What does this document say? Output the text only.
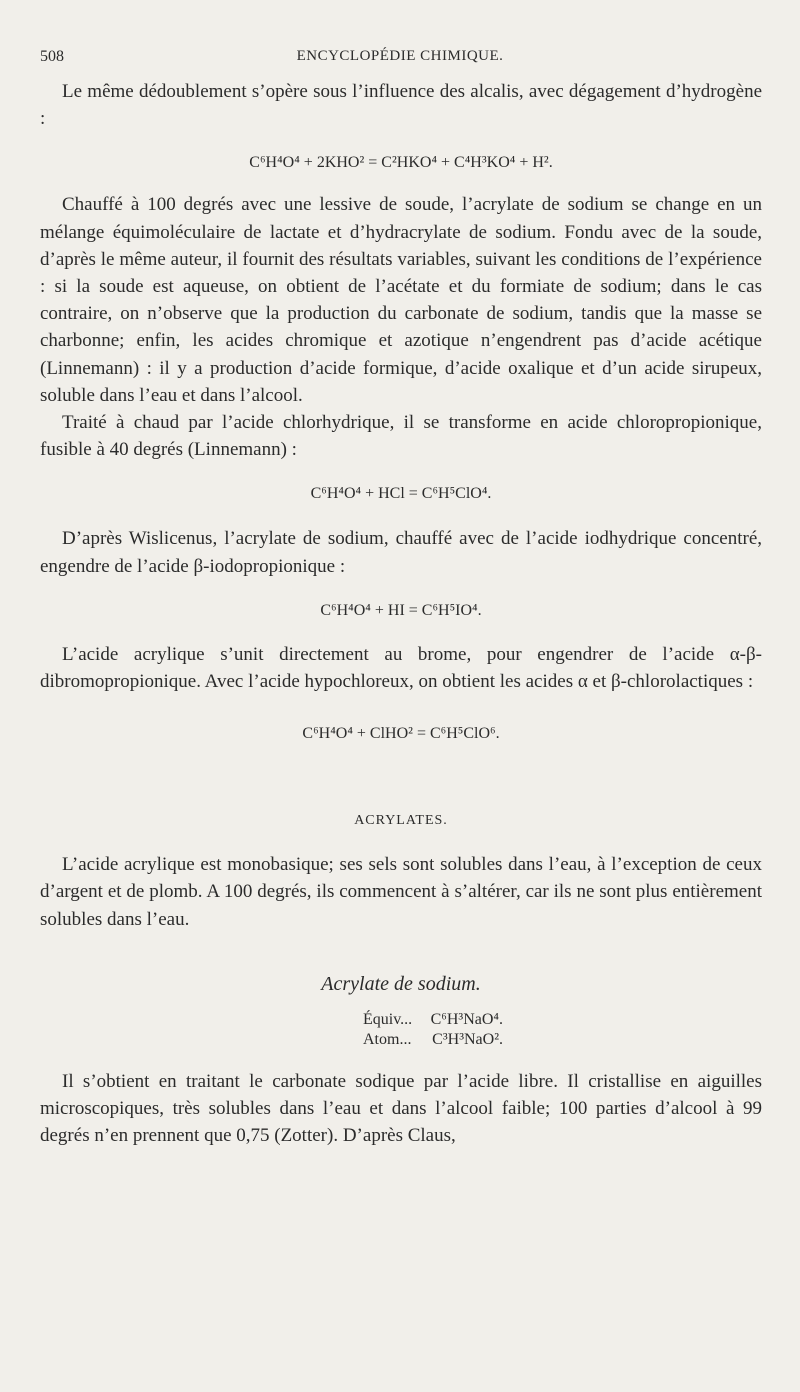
508	ENCYCLOPÉDIE CHIMIQUE.

Le même dédoublement s’opère sous l’influence des alcalis, avec dégagement d’hydrogène :

C⁶H⁴O⁴ + 2KHO² = C²HKO⁴ + C⁴H³KO⁴ + H².

Chauffé à 100 degrés avec une lessive de soude, l’acrylate de sodium se change en un mélange équimoléculaire de lactate et d’hydracrylate de sodium. Fondu avec de la soude, d’après le même auteur, il fournit des résultats variables, suivant les conditions de l’expérience : si la soude est aqueuse, on obtient de l’acétate et du formiate de sodium; dans le cas contraire, on n’observe que la production du carbonate de sodium, tandis que la masse se charbonne; enfin, les acides chromique et azotique n’engendrent pas d’acide acétique (Linnemann) : il y a production d’acide formique, d’acide oxalique et d’un acide sirupeux, soluble dans l’eau et dans l’alcool.

Traité à chaud par l’acide chlorhydrique, il se transforme en acide chloropropionique, fusible à 40 degrés (Linnemann) :

C⁶H⁴O⁴ + HCl = C⁶H⁵ClO⁴.

D’après Wislicenus, l’acrylate de sodium, chauffé avec de l’acide iodhydrique concentré, engendre de l’acide β-iodopropionique :

C⁶H⁴O⁴ + HI = C⁶H⁵IO⁴.

L’acide acrylique s’unit directement au brome, pour engendrer de l’acide α-β-dibromopropionique. Avec l’acide hypochloreux, on obtient les acides α et β-chlorolactiques :

C⁶H⁴O⁴ + ClHO² = C⁶H⁵ClO⁶.

ACRYLATES.

L’acide acrylique est monobasique; ses sels sont solubles dans l’eau, à l’exception de ceux d’argent et de plomb. A 100 degrés, ils commencent à s’altérer, car ils ne sont plus entièrement solubles dans l’eau.

Acrylate de sodium.
Équiv...	C⁶H³NaO⁴.
Atom...	C³H³NaO².

Il s’obtient en traitant le carbonate sodique par l’acide libre. Il cristallise en aiguilles microscopiques, très solubles dans l’eau et dans l’alcool faible; 100 parties d’alcool à 99 degrés n’en prennent que 0,75 (Zotter). D’après Claus,
